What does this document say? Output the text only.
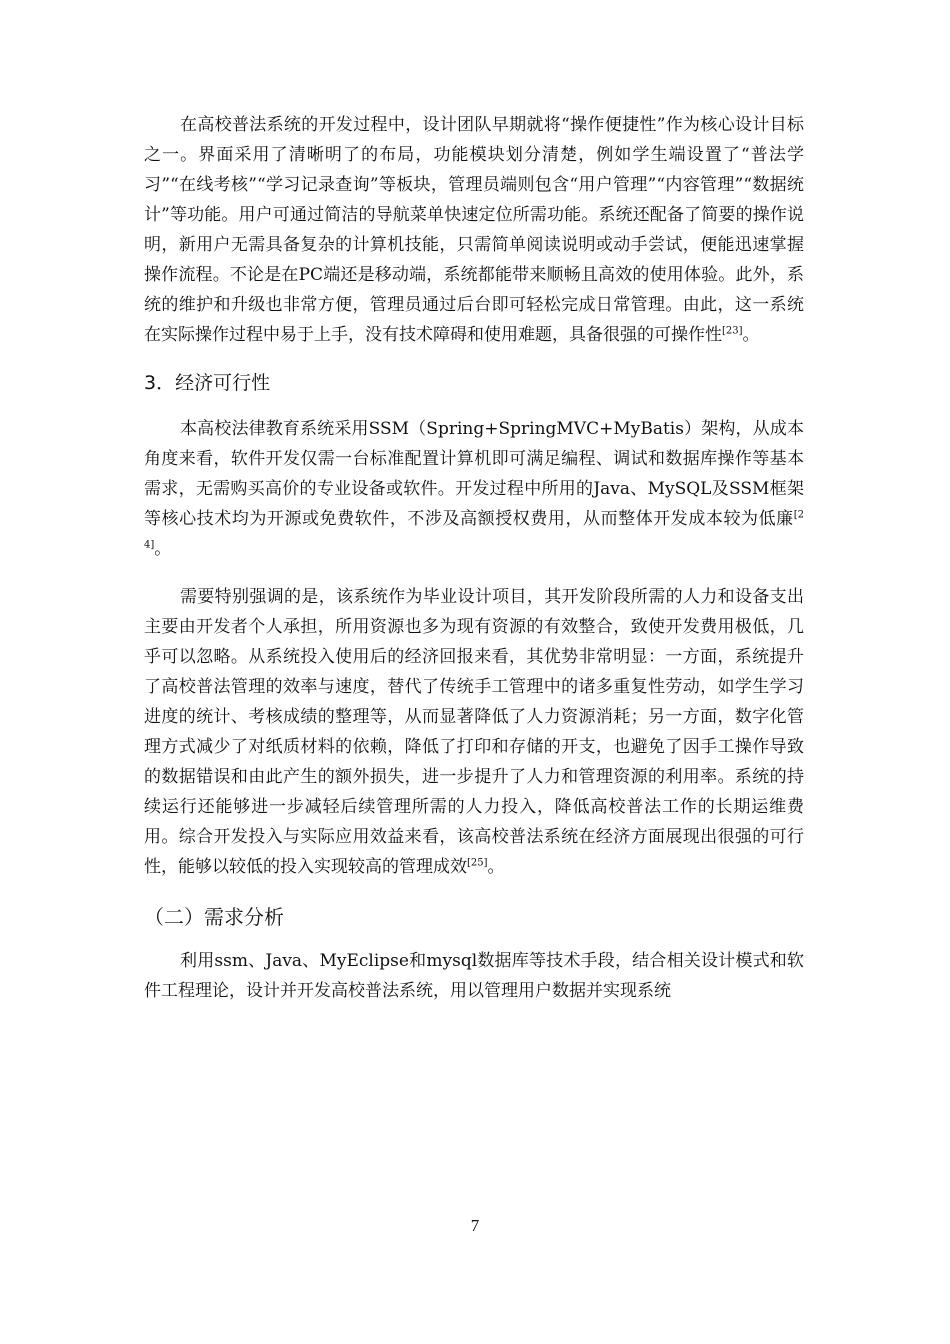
在高校普法系统的开发过程中，设计团队早期就将“操作便捷性”作为核心设计目标之一。界面采用了清晰明了的布局，功能模块划分清楚，例如学生端设置了“普法学习”“在线考核”“学习记录查询”等板块，管理员端则包含“用户管理”“内容管理”“数据统计”等功能。用户可通过简洁的导航菜单快速定位所需功能。系统还配备了简要的操作说明，新用户无需具备复杂的计算机技能，只需简单阅读说明或动手尝试，便能迅速掌握操作流程。不论是在PC端还是移动端，系统都能带来顺畅且高效的使用体验。此外，系统的维护和升级也非常方便，管理员通过后台即可轻松完成日常管理。由此，这一系统在实际操作过程中易于上手，没有技术障碍和使用难题，具备很强的可操作性[23]。

3．经济可行性

本高校法律教育系统采用SSM（Spring+SpringMVC+MyBatis）架构，从成本角度来看，软件开发仅需一台标准配置计算机即可满足编程、调试和数据库操作等基本需求，无需购买高价的专业设备或软件。开发过程中所用的Java、MySQL及SSM框架等核心技术均为开源或免费软件，不涉及高额授权费用，从而整体开发成本较为低廉[24]。

需要特别强调的是，该系统作为毕业设计项目，其开发阶段所需的人力和设备支出主要由开发者个人承担，所用资源也多为现有资源的有效整合，致使开发费用极低，几乎可以忽略。从系统投入使用后的经济回报来看，其优势非常明显：一方面，系统提升了高校普法管理的效率与速度，替代了传统手工管理中的诸多重复性劳动，如学生学习进度的统计、考核成绩的整理等，从而显著降低了人力资源消耗；另一方面，数字化管理方式减少了对纸质材料的依赖，降低了打印和存储的开支，也避免了因手工操作导致的数据错误和由此产生的额外损失，进一步提升了人力和管理资源的利用率。系统的持续运行还能够进一步减轻后续管理所需的人力投入，降低高校普法工作的长期运维费用。综合开发投入与实际应用效益来看，该高校普法系统在经济方面展现出很强的可行性，能够以较低的投入实现较高的管理成效[25]。

（二）需求分析

利用ssm、Java、MyEclipse和mysql数据库等技术手段，结合相关设计模式和软件工程理论，设计并开发高校普法系统，用以管理用户数据并实现系统

7
